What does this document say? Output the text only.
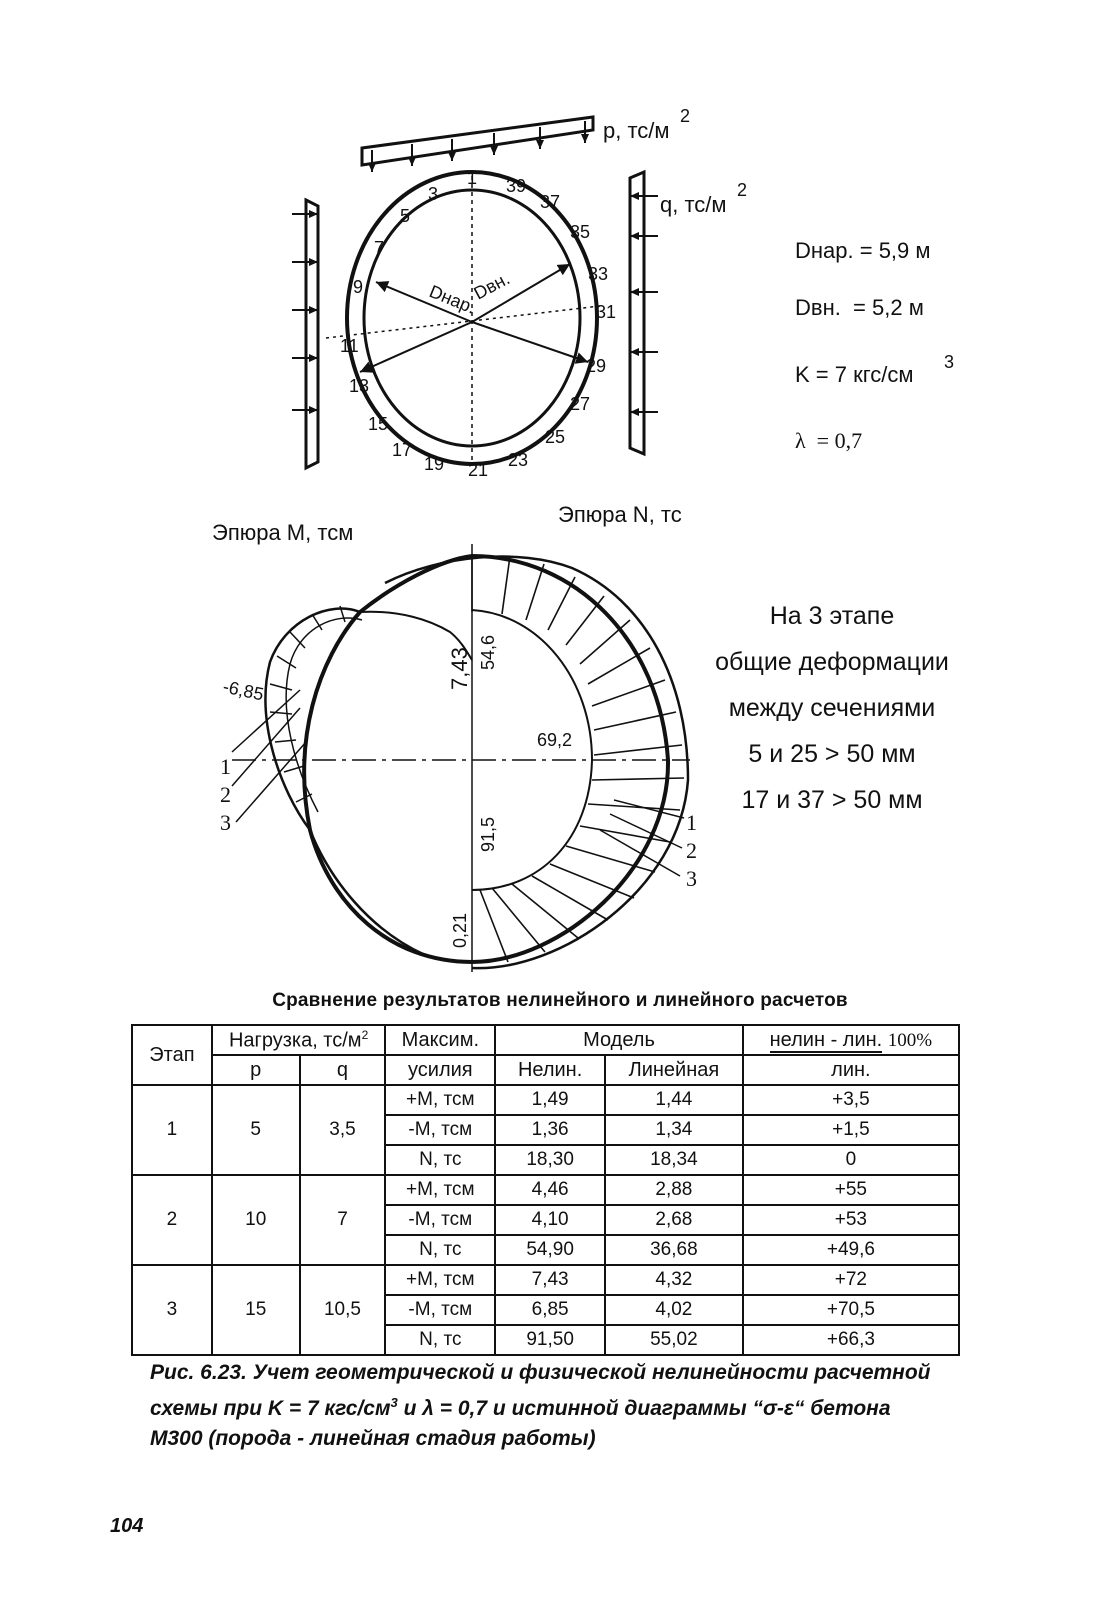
p, тс/м
2
q, тс/м
2
Dнар.
Dвн.
1
3
5
7
9
11
13
15
17
19 21 23
25
27
29
31
33
35
37
39
Dнар. = 5,9 м
Dвн.  = 5,2 м
K = 7 кгс/см 3
λ  = 0,7
Эпюра M, тсм
Эпюра N, тс
-6,85
7,43 54,6
69,2
91,5
0,21
1
2
3	1
2
3
На 3 этапе
общие деформации
между сечениями
5 и 25 > 50 мм
17 и 37 > 50 мм
Сравнение результатов нелинейного и линейного расчетов
Этап	Нагрузка, $тс/м^2$		Максим.	Модель		нелин - лин. 100%
	p	q	усилия	Нелин.	Линейная	лин.
1	5	3,5	+M, тсм	1,49	1,44	+3,5
			-M, тсм	1,36	1,34	+1,5
			N, тс	18,30	18,34	0
2	10	7	+M, тсм	4,46	2,88	+55
			-M, тсм	4,10	2,68	+53
			N, тс	54,90	36,68	+49,6
3	15	10,5	+M, тсм	7,43	4,32	+72
			-M, тсм	6,85	4,02	+70,5
			N, тс	91,50	55,02	+66,3
Рис. 6.23. Учет геометрической и физической нелинейности расчетной
схемы при K = 7 кгс/$см^3$ и λ = 0,7 и истинной диаграммы “σ-ε“ бетона
М300 (порода - линейная стадия работы)
104
